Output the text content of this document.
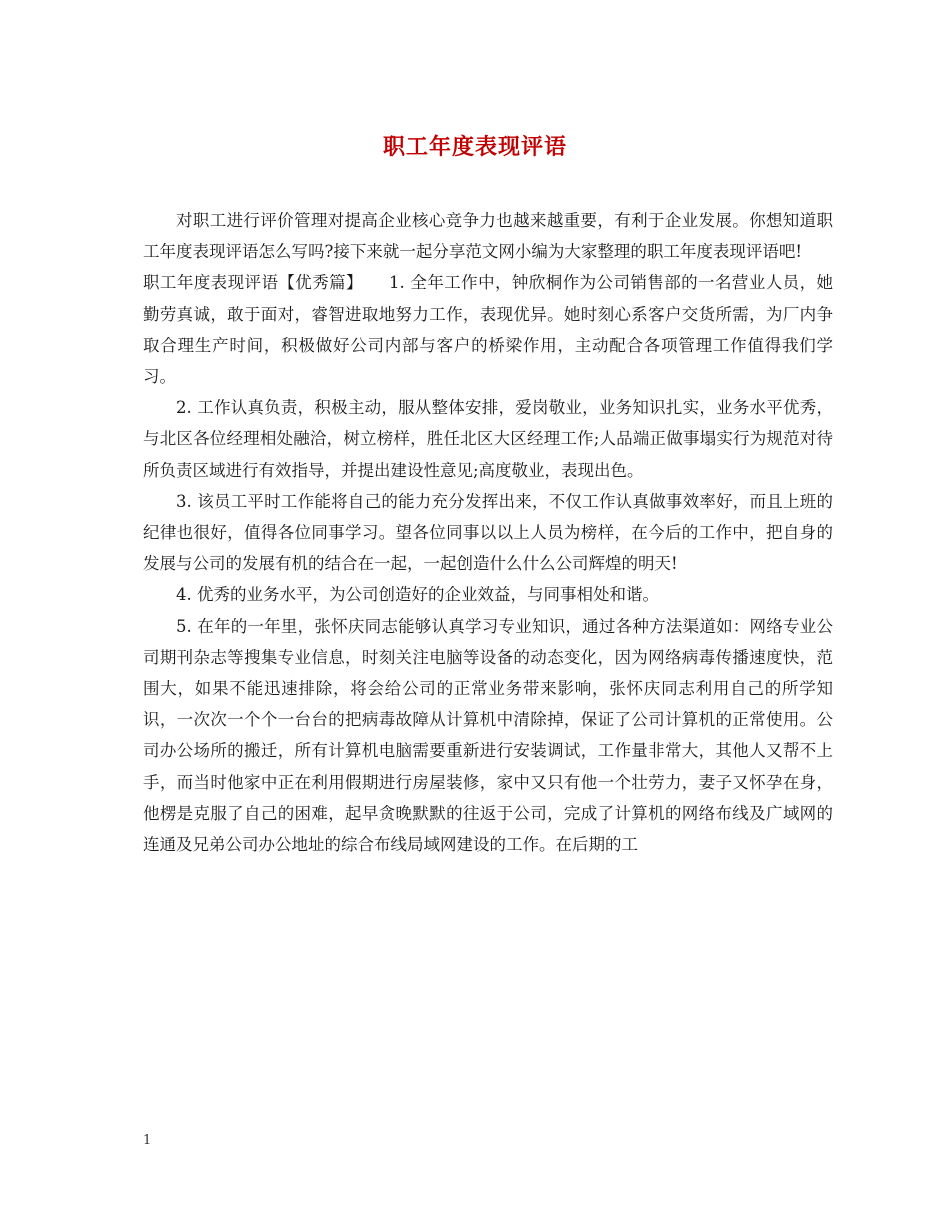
职工年度表现评语

对职工进行评价管理对提高企业核心竞争力也越来越重要，有利于企业发展。你想知道职工年度表现评语怎么写吗?接下来就一起分享范文网小编为大家整理的职工年度表现评语吧!

职工年度表现评语【优秀篇】 1. 全年工作中，钟欣桐作为公司销售部的一名营业人员，她勤劳真诚，敢于面对，睿智进取地努力工作，表现优异。她时刻心系客户交货所需，为厂内争取合理生产时间，积极做好公司内部与客户的桥梁作用，主动配合各项管理工作值得我们学习。

2. 工作认真负责，积极主动，服从整体安排，爱岗敬业，业务知识扎实，业务水平优秀，与北区各位经理相处融洽，树立榜样，胜任北区大区经理工作;人品端正做事塌实行为规范对待所负责区域进行有效指导，并提出建设性意见;高度敬业，表现出色。

3. 该员工平时工作能将自己的能力充分发挥出来，不仅工作认真做事效率好，而且上班的纪律也很好，值得各位同事学习。望各位同事以以上人员为榜样，在今后的工作中，把自身的发展与公司的发展有机的结合在一起，一起创造什么什么公司辉煌的明天!

4. 优秀的业务水平，为公司创造好的企业效益，与同事相处和谐。

5. 在年的一年里，张怀庆同志能够认真学习专业知识，通过各种方法渠道如：网络专业公司期刊杂志等搜集专业信息，时刻关注电脑等设备的动态变化，因为网络病毒传播速度快，范围大，如果不能迅速排除，将会给公司的正常业务带来影响，张怀庆同志利用自己的所学知识，一次次一个个一台台的把病毒故障从计算机中清除掉，保证了公司计算机的正常使用。公司办公场所的搬迁，所有计算机电脑需要重新进行安装调试，工作量非常大，其他人又帮不上手，而当时他家中正在利用假期进行房屋装修，家中又只有他一个壮劳力，妻子又怀孕在身，他楞是克服了自己的困难，起早贪晚默默的往返于公司，完成了计算机的网络布线及广域网的连通及兄弟公司办公地址的综合布线局域网建设的工作。在后期的工

1
